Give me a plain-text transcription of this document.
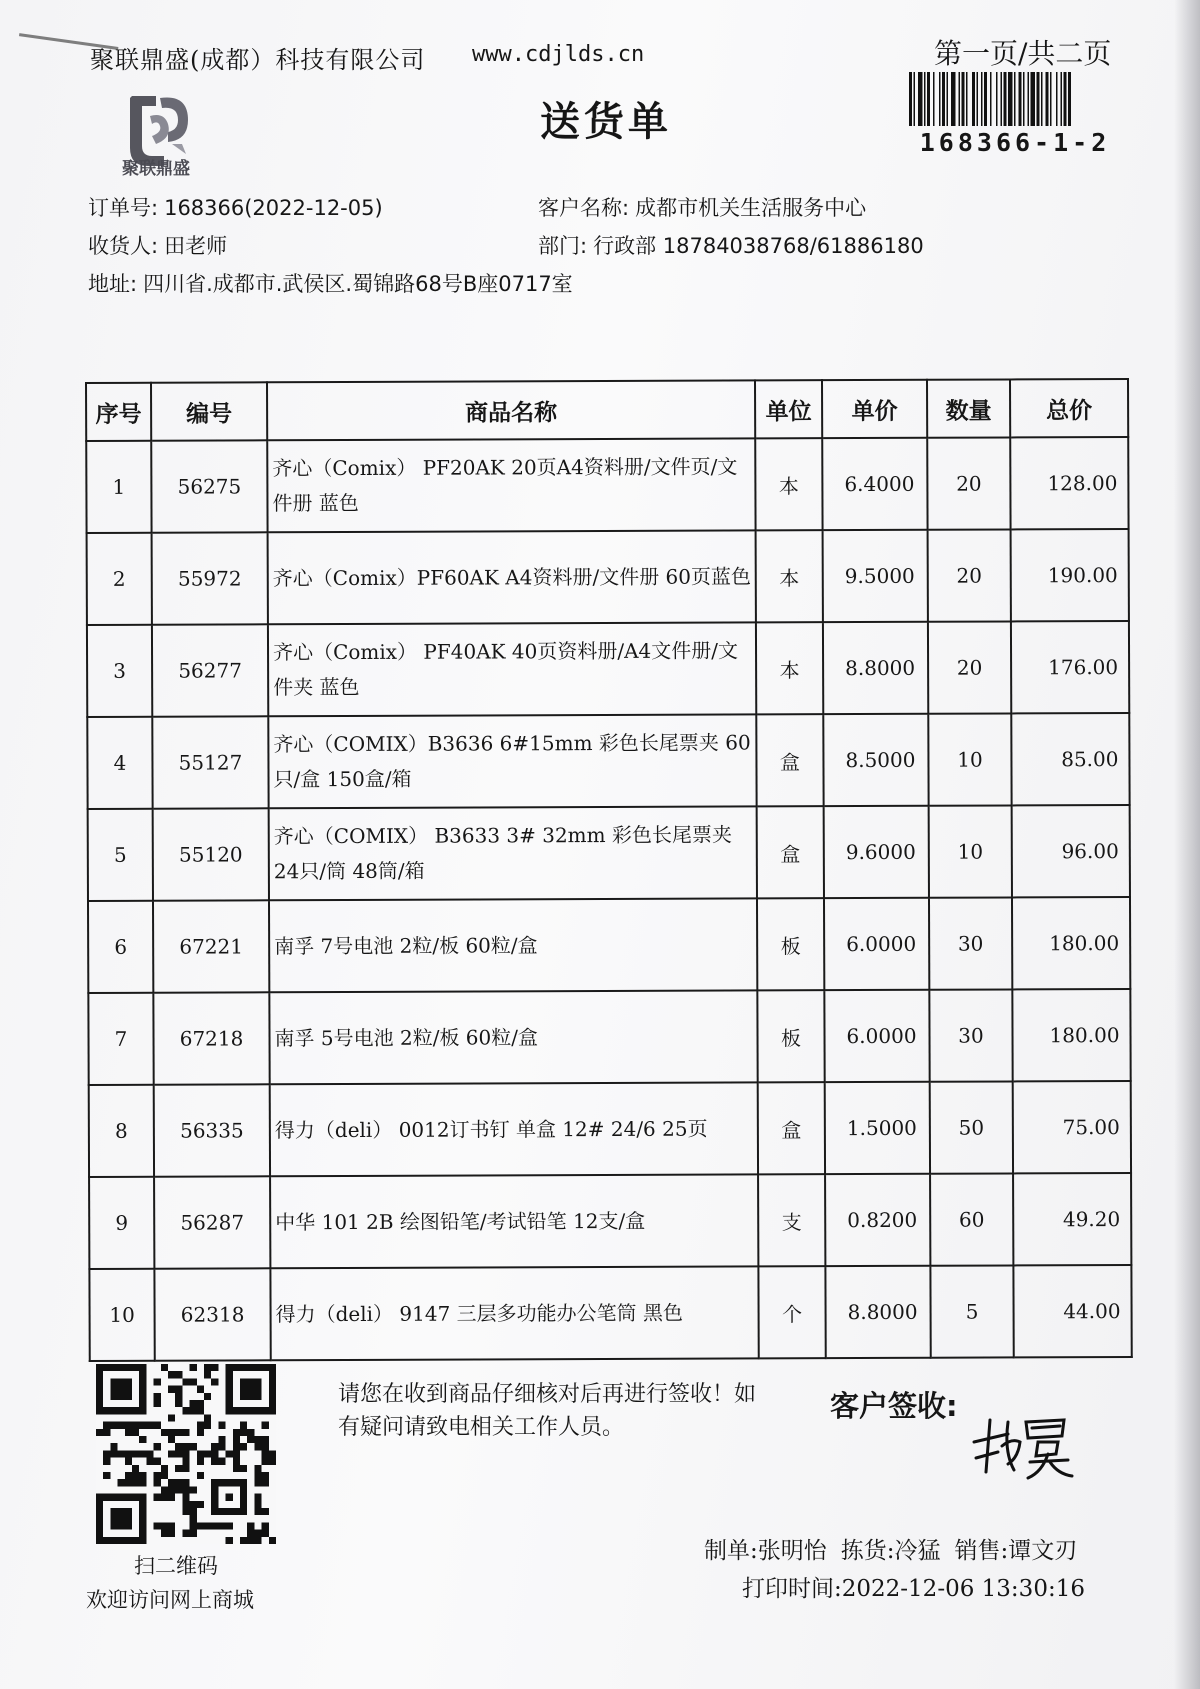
聚联鼎盛(成都）科技有限公司 www.cdjlds.cn	第一页/共二页
168366-1-2
聚联鼎盛
送货单
订单号: 168366(2022-12-05)
收货人: 田老师
地址: 四川省.成都市.武侯区.蜀锦路68号B座0717室
客户名称: 成都市机关生活服务中心
部门: 行政部 18784038768/61886180
序号	编号	商品名称	单位	单价	数量	总价
1	56275	齐心（Comix） PF20AK 20页A4资料册/文件页/文件册 蓝色	本	6.4000	20	128.00
2	55972	齐心（Comix）PF60AK A4资料册/文件册 60页蓝色	本	9.5000	20	190.00
3	56277	齐心（Comix） PF40AK 40页资料册/A4文件册/文件夹 蓝色	本	8.8000	20	176.00
4	55127	齐心（COMIX）B3636 6#15mm 彩色长尾票夹 60只/盒 150盒/箱	盒	8.5000	10	85.00
5	55120	齐心（COMIX） B3633 3# 32mm 彩色长尾票夹24只/筒 48筒/箱	盒	9.6000	10	96.00
6	67221	南孚 7号电池 2粒/板 60粒/盒	板	6.0000	30	180.00
7	67218	南孚 5号电池 2粒/板 60粒/盒	板	6.0000	30	180.00
8	56335	得力（deli） 0012订书钉 单盒 12# 24/6 25页	盒	1.5000	50	75.00
9	56287	中华 101 2B 绘图铅笔/考试铅笔 12支/盒	支	0.8200	60	49.20
10	62318	得力（deli） 9147 三层多功能办公笔筒 黑色	个	8.8000	5	44.00
扫二维码
欢迎访问网上商城
请您在收到商品仔细核对后再进行签收！如有疑问请致电相关工作人员。
客户签收:
制单:张明怡 拣货:冷猛 销售:谭文刃
打印时间:2022-12-06 13:30:16
